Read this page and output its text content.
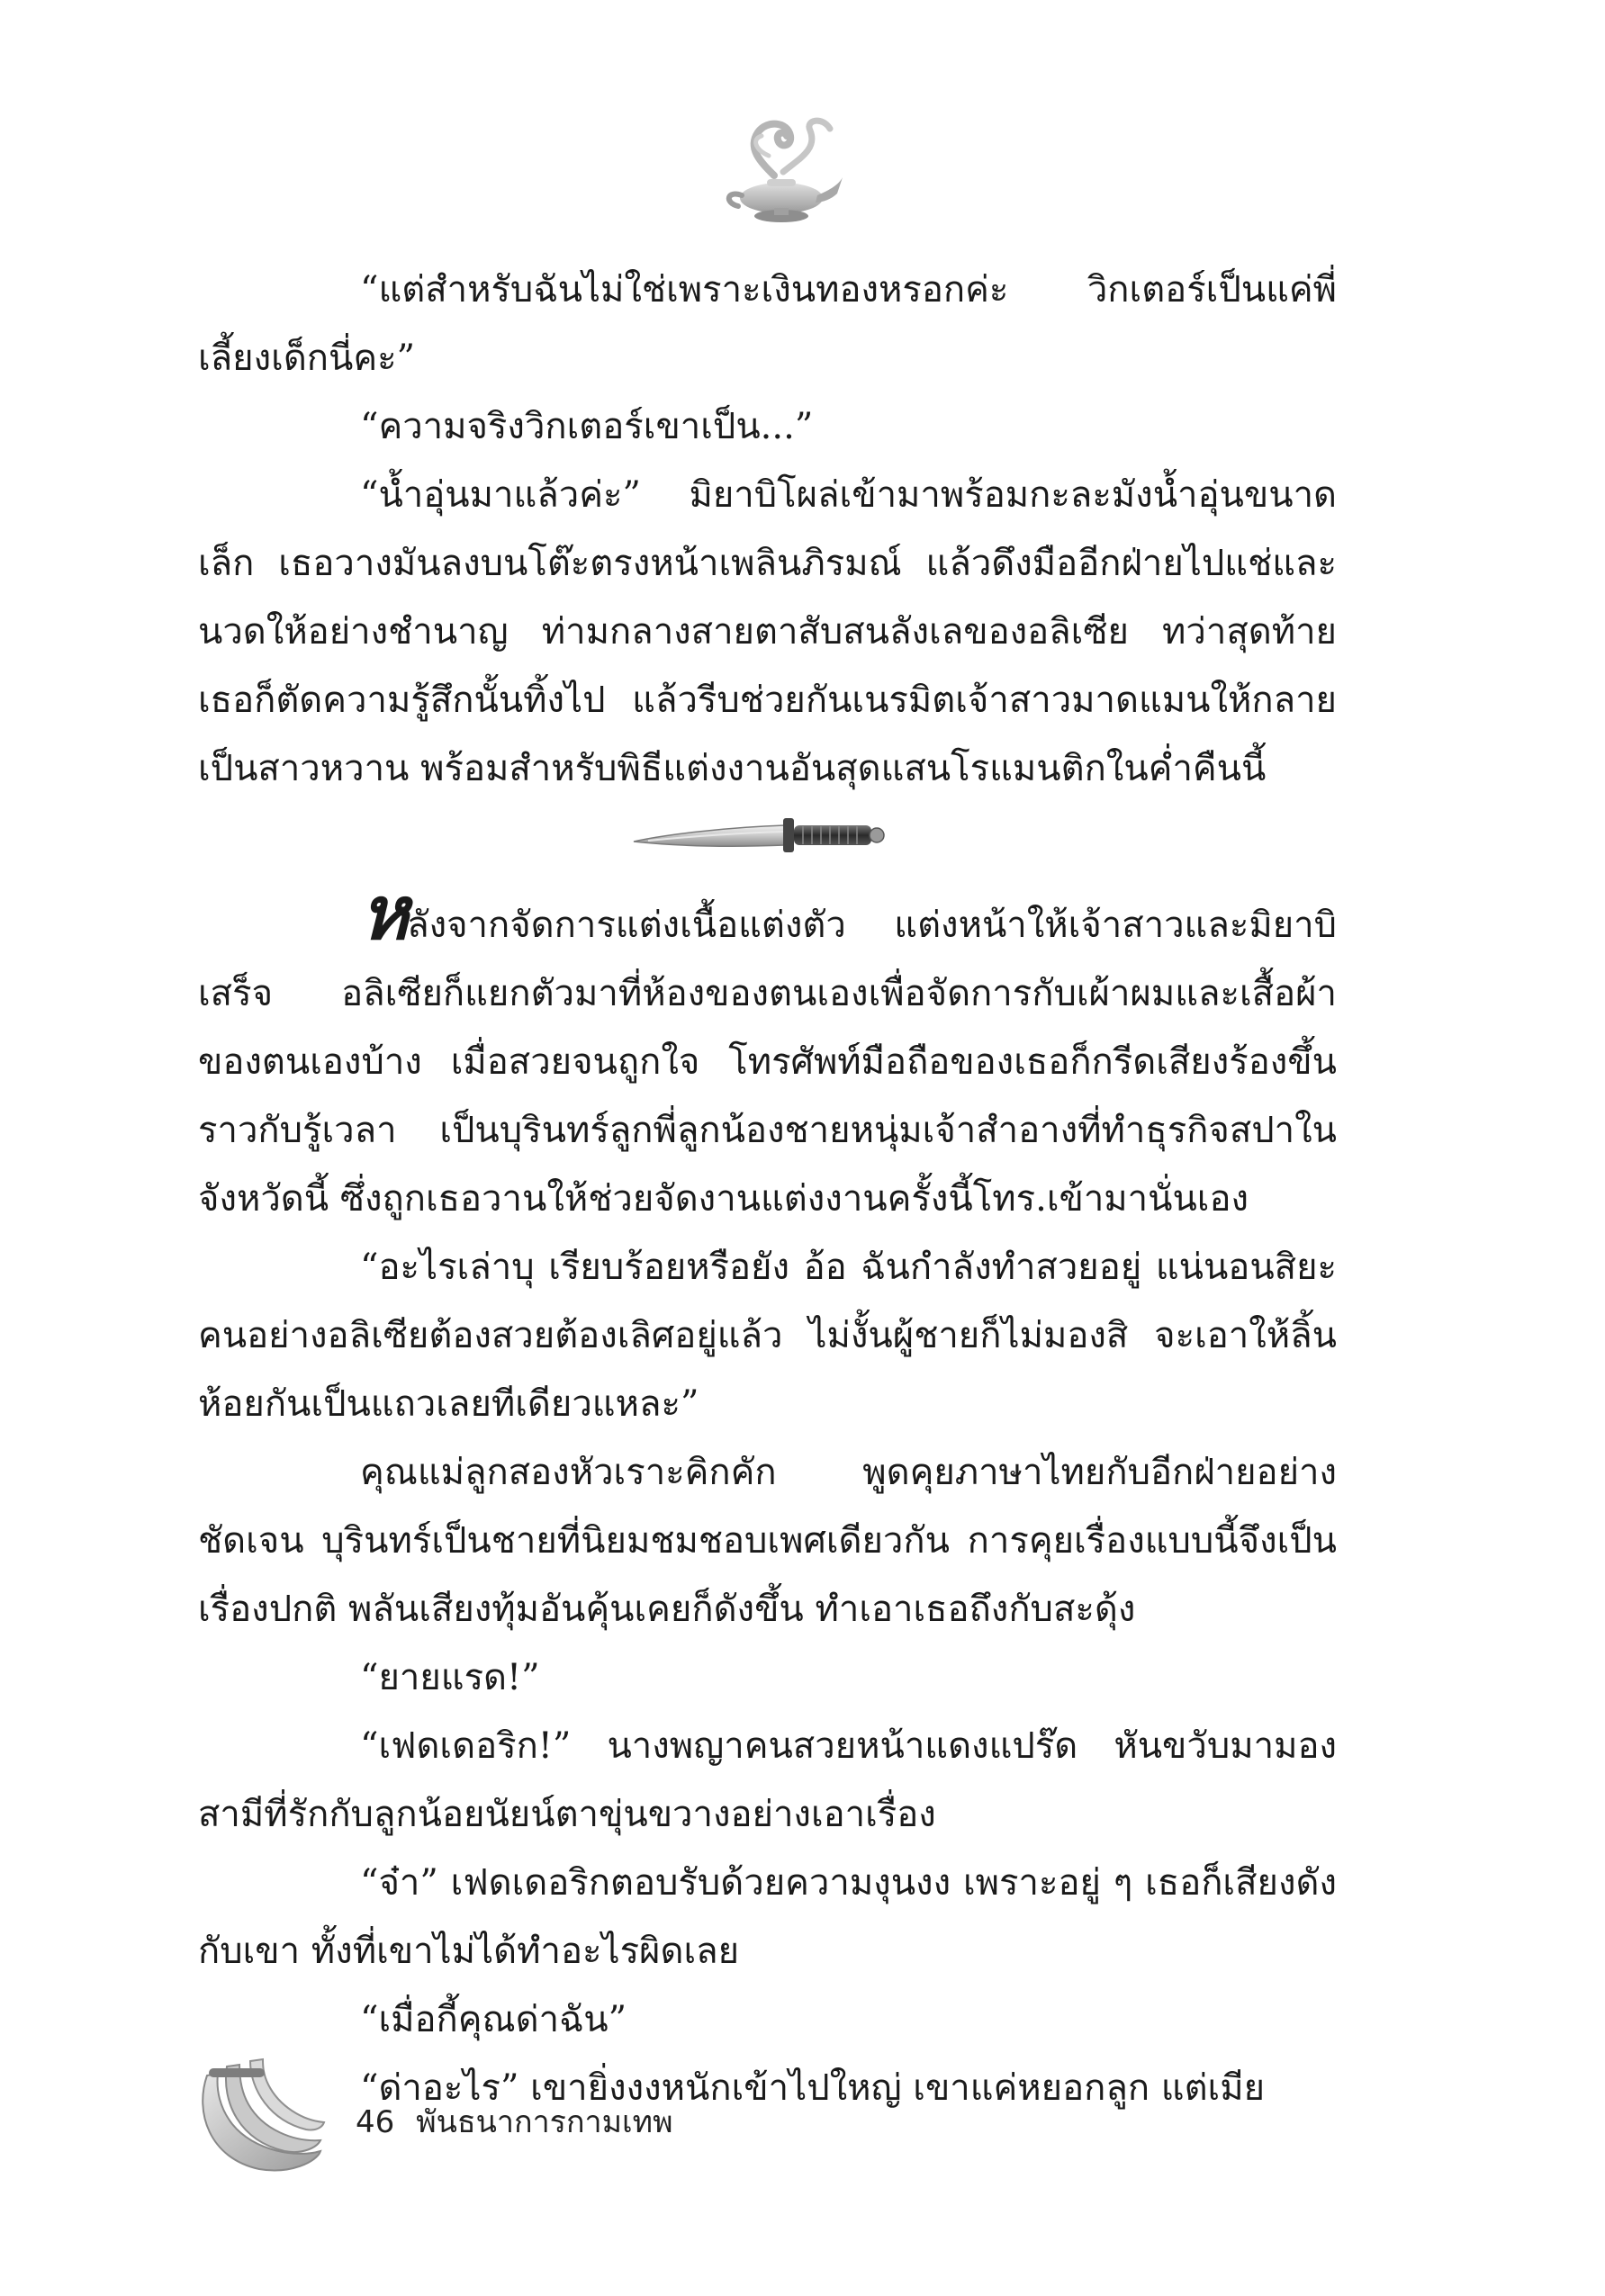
“แต่สำหรับฉันไม่ใช่เพราะเงินทองหรอกค่ะ วิกเตอร์เป็นแค่พี่เลี้ยงเด็กนี่คะ”

“ความจริงวิกเตอร์เขาเป็น...”

“น้ำอุ่นมาแล้วค่ะ” มิยาบิโผล่เข้ามาพร้อมกะละมังน้ำอุ่นขนาดเล็ก เธอวางมันลงบนโต๊ะตรงหน้าเพลินภิรมณ์ แล้วดึงมืออีกฝ่ายไปแช่และนวดให้อย่างชำนาญ ท่ามกลางสายตาสับสนลังเลของอลิเซีย ทว่าสุดท้ายเธอก็ตัดความรู้สึกนั้นทิ้งไป แล้วรีบช่วยกันเนรมิตเจ้าสาวมาดแมนให้กลายเป็นสาวหวาน พร้อมสำหรับพิธีแต่งงานอันสุดแสนโรแมนติกในค่ำคืนนี้

หลังจากจัดการแต่งเนื้อแต่งตัว แต่งหน้าให้เจ้าสาวและมิยาบิเสร็จ อลิเซียก็แยกตัวมาที่ห้องของตนเองเพื่อจัดการกับเผ้าผมและเสื้อผ้าของตนเองบ้าง เมื่อสวยจนถูกใจ โทรศัพท์มือถือของเธอก็กรีดเสียงร้องขึ้นราวกับรู้เวลา เป็นบุรินทร์ลูกพี่ลูกน้องชายหนุ่มเจ้าสำอางที่ทำธุรกิจสปาในจังหวัดนี้ ซึ่งถูกเธอวานให้ช่วยจัดงานแต่งงานครั้งนี้โทร.เข้ามานั่นเอง

“อะไรเล่าบุ เรียบร้อยหรือยัง อ้อ ฉันกำลังทำสวยอยู่ แน่นอนสิยะ คนอย่างอลิเซียต้องสวยต้องเลิศอยู่แล้ว ไม่งั้นผู้ชายก็ไม่มองสิ จะเอาให้ลิ้นห้อยกันเป็นแถวเลยทีเดียวแหละ”

คุณแม่ลูกสองหัวเราะคิกคัก พูดคุยภาษาไทยกับอีกฝ่ายอย่างชัดเจน บุรินทร์เป็นชายที่นิยมชมชอบเพศเดียวกัน การคุยเรื่องแบบนี้จึงเป็นเรื่องปกติ พลันเสียงทุ้มอันคุ้นเคยก็ดังขึ้น ทำเอาเธอถึงกับสะดุ้ง

“ยายแรด!”

“เฟดเดอริก!” นางพญาคนสวยหน้าแดงแปร๊ด หันขวับมามองสามีที่รักกับลูกน้อยนัยน์ตาขุ่นขวางอย่างเอาเรื่อง

“จ๋า” เฟดเดอริกตอบรับด้วยความงุนงง เพราะอยู่ ๆ เธอก็เสียงดังกับเขา ทั้งที่เขาไม่ได้ทำอะไรผิดเลย

“เมื่อกี้คุณด่าฉัน”

“ด่าอะไร” เขายิ่งงงหนักเข้าไปใหญ่ เขาแค่หยอกลูก แต่เมีย

46 พันธนาการกามเทพ
